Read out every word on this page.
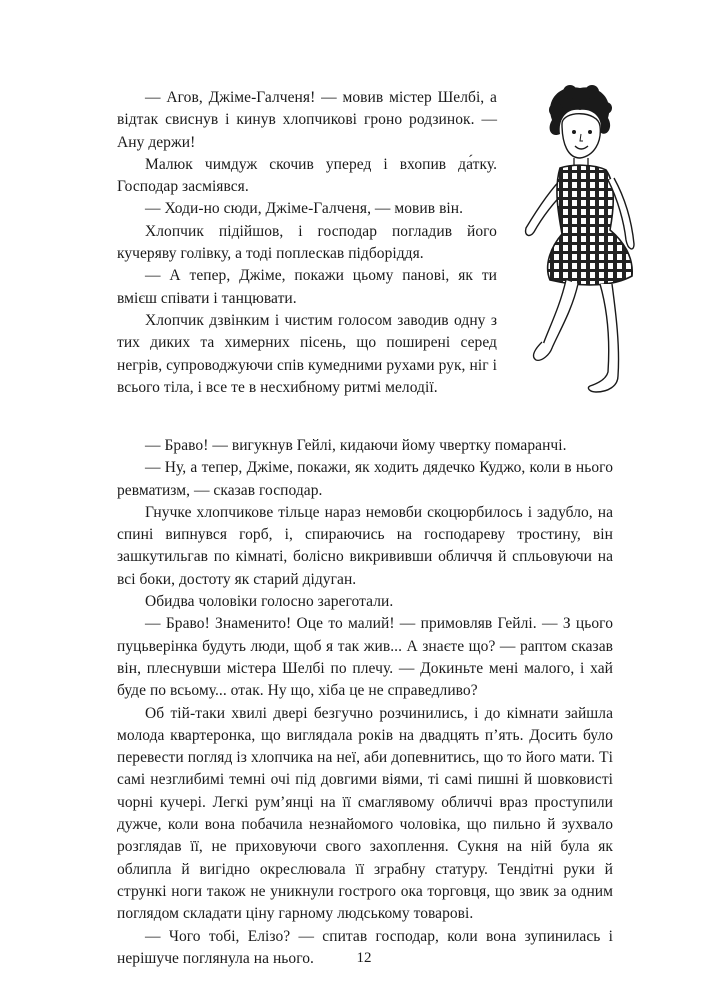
— Агов, Джіме-Галченя! — мовив містер Шелбі, а відтак свиснув і кинув хлопчикові гроно родзинок. — Ану держи!

Малюк чимдуж скочив уперед і вхопив да́тку. Господар засміявся.

— Ходи-но сюди, Джіме-Галченя, — мовив він.

Хлопчик підійшов, і господар погладив його кучеряву голівку, а тоді поплескав підборіддя.

— А тепер, Джіме, покажи цьому панові, як ти вмієш співати і танцювати.

Хлопчик дзвінким і чистим голосом заводив одну з тих диких та химерних пісень, що поширені серед негрів, супроводжуючи спів кумедними рухами рук, ніг і всього тіла, і все те в несхибному ритмі мелодії.

— Браво! — вигукнув Гейлі, кидаючи йому чвертку помаранчі.

— Ну, а тепер, Джіме, покажи, як ходить дядечко Куджо, коли в нього ревматизм, — сказав господар.

Гнучке хлопчикове тільце нараз немовби скоцюрбилось і задубло, на спині випнувся горб, і, спираючись на господареву тростину, він зашкутильгав по кімнаті, болісно викрививши обличчя й спльовуючи на всі боки, достоту як старий дідуган.

Обидва чоловіки голосно зареготали.

— Браво! Знаменито! Оце то малий! — примовляв Гейлі. — З цього пуцьверінка будуть люди, щоб я так жив... А знаєте що? — раптом сказав він, плеснувши містера Шелбі по плечу. — Докиньте мені малого, і хай буде по всьому... отак. Ну що, хіба це не справедливо?

Об тій-таки хвилі двері безгучно розчинились, і до кімнати зайшла молода квартеронка, що виглядала років на двадцять п’ять. Досить було перевести погляд із хлопчика на неї, аби допевнитись, що то його мати. Ті самі незглибимі темні очі під довгими віями, ті самі пишні й шовковисті чорні кучері. Легкі рум’янці на її смаглявому обличчі враз проступили дужче, коли вона побачила незнайомого чоловіка, що пильно й зухвало розглядав її, не приховуючи свого захоплення. Сукня на ній була як облипла й вигідно окреслювала її зграбну статуру. Тендітні руки й стрункі ноги також не уникнули гострого ока торговця, що звик за одним поглядом складати ціну гарному людському товарові.

— Чого тобі, Елізо? — спитав господар, коли вона зупинилась і нерішуче поглянула на нього.	12
